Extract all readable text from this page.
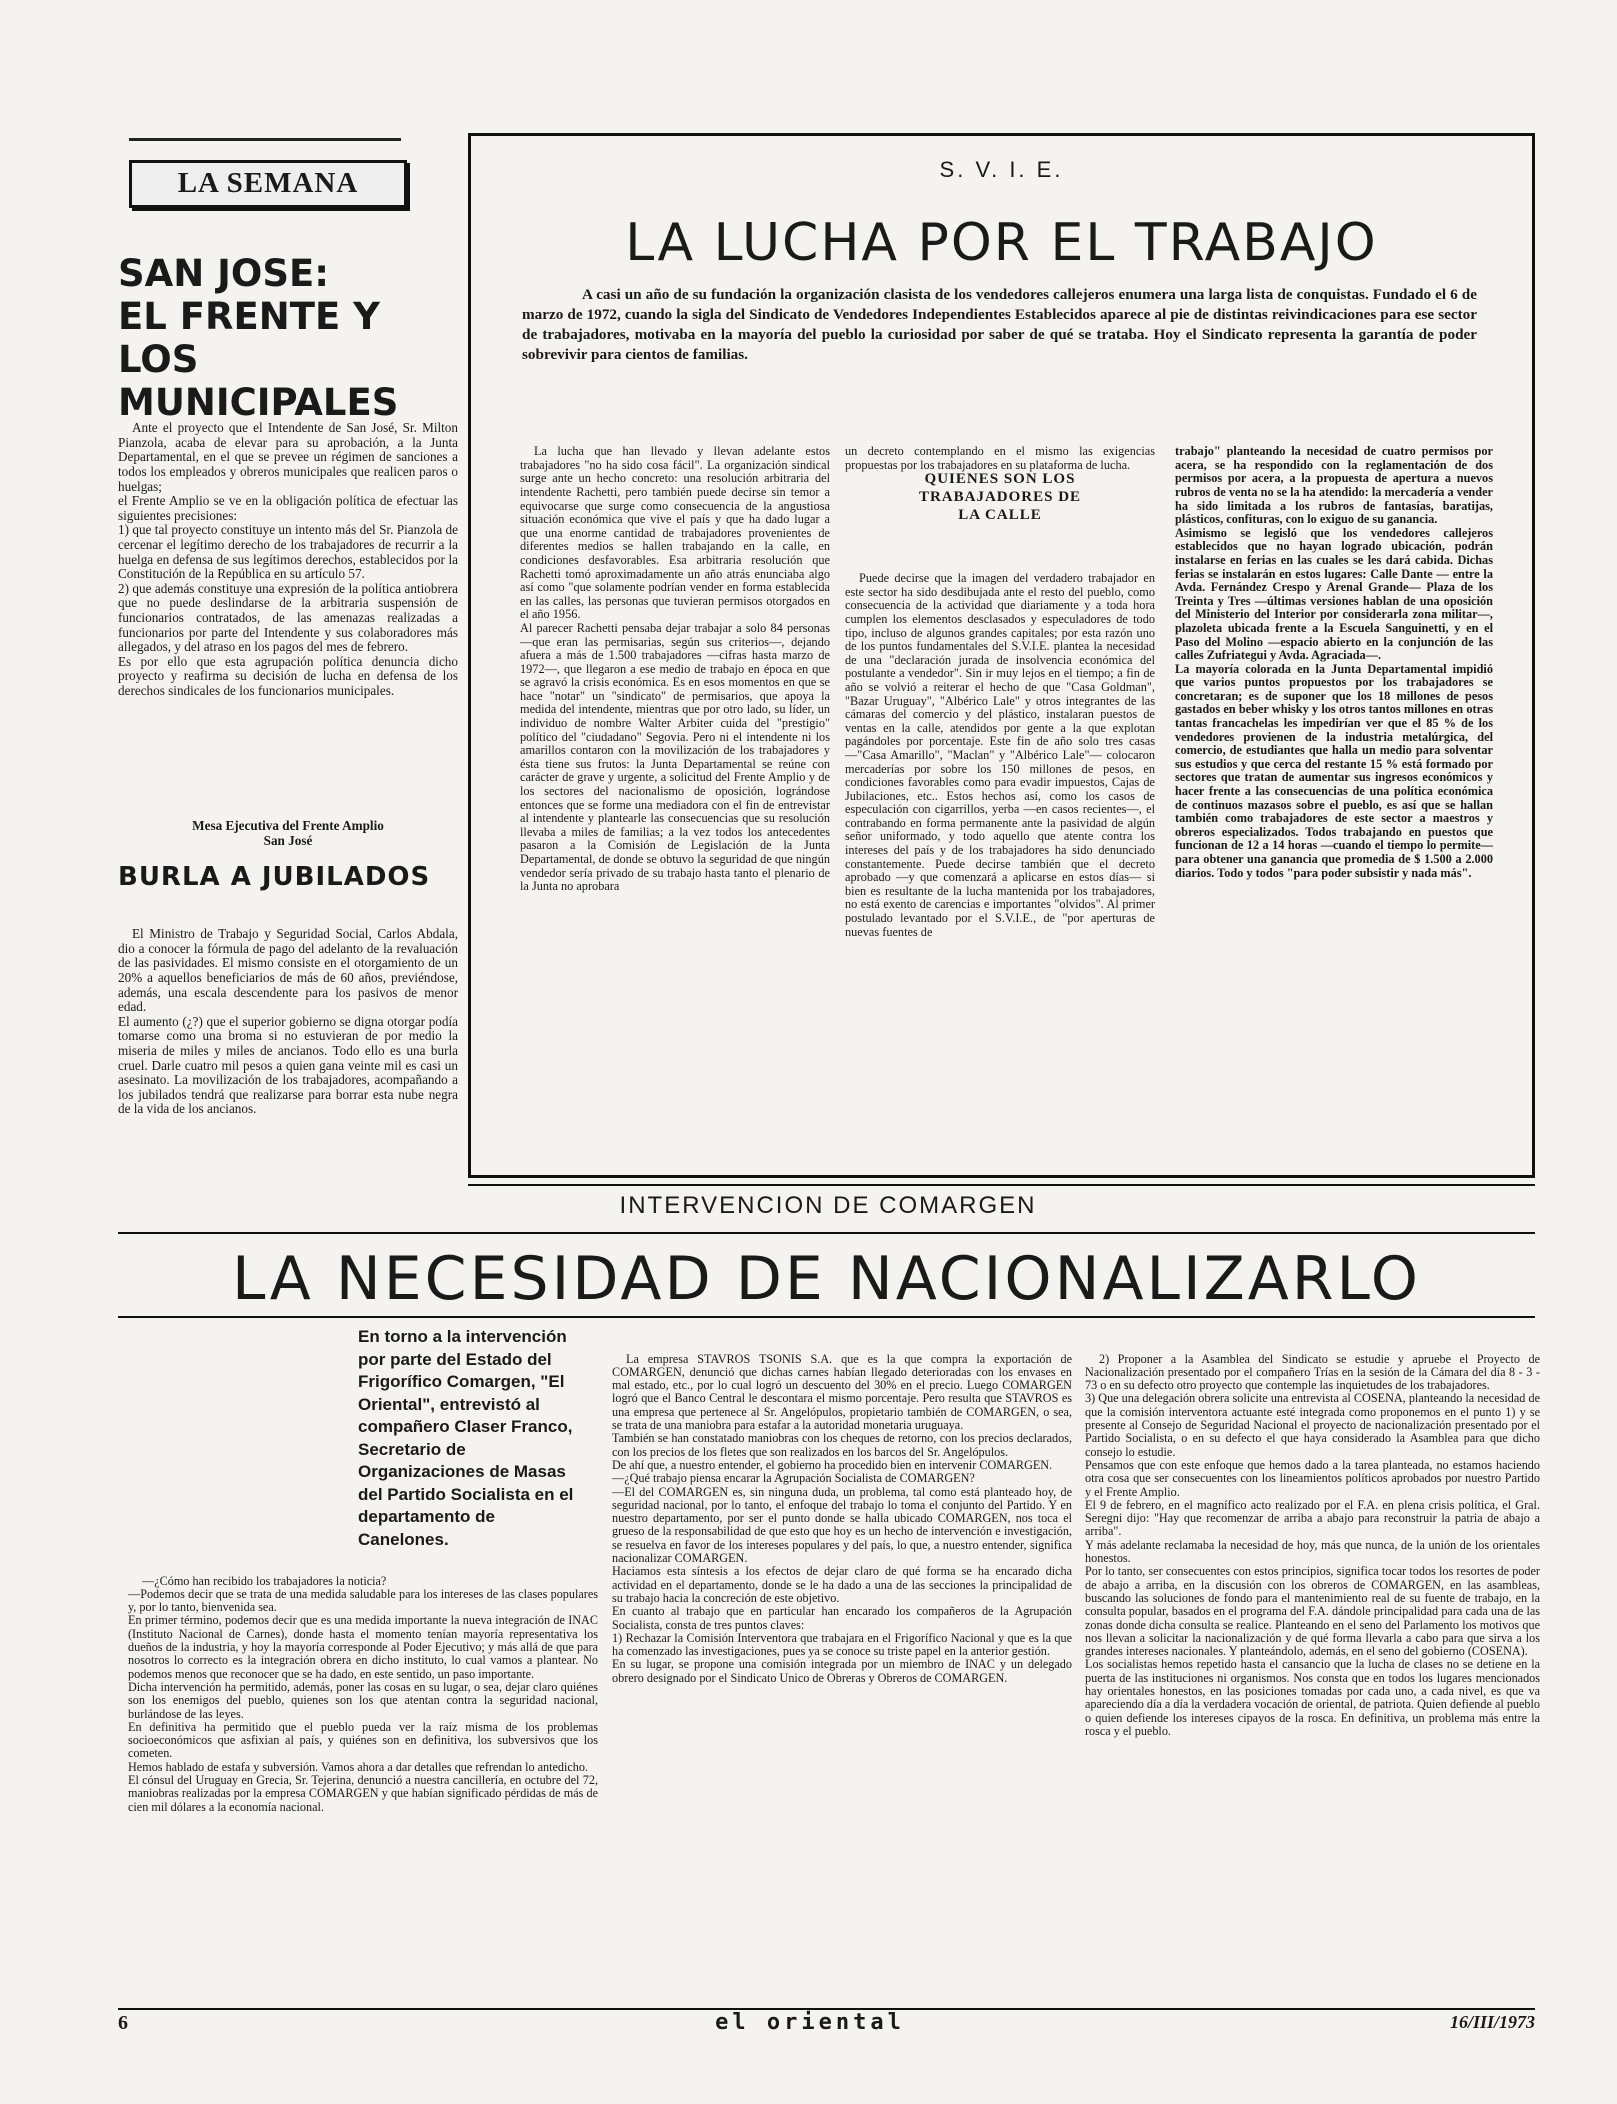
LA SEMANA
SAN JOSE:
EL FRENTE Y LOS
MUNICIPALES

Ante el proyecto que el Intendente de San José, Sr. Milton Pianzola, acaba de elevar para su aprobación, a la Junta Departamental, en el que se prevee un régimen de sanciones a todos los empleados y obreros municipales que realicen paros o huelgas;
el Frente Amplio se ve en la obligación política de efectuar las siguientes precisiones:
1) que tal proyecto constituye un intento más del Sr. Pianzola de cercenar el legítimo derecho de los trabajadores de recurrir a la huelga en defensa de sus legítimos derechos, establecidos por la Constitución de la República en su artículo 57.
2) que además constituye una expresión de la política antiobrera que no puede deslindarse de la arbitraria suspensión de funcionarios contratados, de las amenazas realizadas a funcionarios por parte del Intendente y sus colaboradores más allegados, y del atraso en los pagos del mes de febrero.
Es por ello que esta agrupación política denuncia dicho proyecto y reafirma su decisión de lucha en defensa de los derechos sindicales de los funcionarios municipales.

Mesa Ejecutiva del Frente Amplio
San José
BURLA A JUBILADOS

El Ministro de Trabajo y Seguridad Social, Carlos Abdala, dio a conocer la fórmula de pago del adelanto de la revaluación de las pasividades. El mismo consiste en el otorgamiento de un 20% a aquellos beneficiarios de más de 60 años, previéndose, además, una escala descendente para los pasivos de menor edad.
El aumento (¿?) que el superior gobierno se digna otorgar podía tomarse como una broma si no estuvieran de por medio la miseria de miles y miles de ancianos. Todo ello es una burla cruel. Darle cuatro mil pesos a quien gana veinte mil es casi un asesinato. La movilización de los trabajadores, acompañando a los jubilados tendrá que realizarse para borrar esta nube negra de la vida de los ancianos.

S. V. I. E.
LA LUCHA POR EL TRABAJO
A casi un año de su fundación la organización clasista de los vendedores callejeros enumera una larga lista de conquistas. Fundado el 6 de marzo de 1972, cuando la sigla del Sindicato de Vendedores Independientes Establecidos aparece al pie de distintas reivindicaciones para ese sector de trabajadores, motivaba en la mayoría del pueblo la curiosidad por saber de qué se trataba. Hoy el Sindicato representa la garantía de poder sobrevivir para cientos de familias.

La lucha que han llevado y llevan adelante estos trabajadores "no ha sido cosa fácil". La organización sindical surge ante un hecho concreto: una resolución arbitraria del intendente Rachetti, pero también puede decirse sin temor a equivocarse que surge como consecuencia de la angustiosa situación económica que vive el país y que ha dado lugar a que una enorme cantidad de trabajadores provenientes de diferentes medios se hallen trabajando en la calle, en condiciones desfavorables. Esa arbitraria resolución que Rachetti tomó aproximadamente un año atrás enunciaba algo así como "que solamente podrían vender en forma establecida en las calles, las personas que tuvieran permisos otorgados en el año 1956.
Al parecer Rachetti pensaba dejar trabajar a solo 84 personas —que eran las permisarias, según sus criterios—, dejando afuera a más de 1.500 trabajadores —cifras hasta marzo de 1972—, que llegaron a ese medio de trabajo en época en que se agravó la crisis económica. Es en esos momentos en que se hace "notar" un "sindicato" de permisarios, que apoya la medida del intendente, mientras que por otro lado, su líder, un individuo de nombre Walter Arbiter cuida del "prestigio" político del "ciudadano" Segovia. Pero ni el intendente ni los amarillos contaron con la movilización de los trabajadores y ésta tiene sus frutos: la Junta Departamental se reúne con carácter de grave y urgente, a solicitud del Frente Amplio y de los sectores del nacionalismo de oposición, lográndose entonces que se forme una mediadora con el fin de entrevistar al intendente y plantearle las consecuencias que su resolución llevaba a miles de familias; a la vez todos los antecedentes pasaron a la Comisión de Legislación de la Junta Departamental, de donde se obtuvo la seguridad de que ningún vendedor sería privado de su trabajo hasta tanto el plenario de la Junta no aprobara

un decreto contemplando en el mismo las exigencias propuestas por los trabajadores en su plataforma de lucha.

QUIENES SON LOS
TRABAJADORES DE
LA CALLE

Puede decirse que la imagen del verdadero trabajador en este sector ha sido desdibujada ante el resto del pueblo, como consecuencia de la actividad que diariamente y a toda hora cumplen los elementos desclasados y especuladores de todo tipo, incluso de algunos grandes capitales; por esta razón uno de los puntos fundamentales del S.V.I.E. plantea la necesidad de una "declaración jurada de insolvencia económica del postulante a vendedor". Sin ir muy lejos en el tiempo; a fin de año se volvió a reiterar el hecho de que "Casa Goldman", "Bazar Uruguay", "Albérico Lale" y otros integrantes de las cámaras del comercio y del plástico, instalaran puestos de ventas en la calle, atendidos por gente a la que explotan pagándoles por porcentaje. Este fin de año solo tres casas —"Casa Amarillo", "Maclan" y "Albérico Lale"— colocaron mercaderías por sobre los 150 millones de pesos, en condiciones favorables como para evadir impuestos, Cajas de Jubilaciones, etc.. Estos hechos así, como los casos de especulación con cigarrillos, yerba —en casos recientes—, el contrabando en forma permanente ante la pasividad de algún señor uniformado, y todo aquello que atente contra los intereses del país y de los trabajadores ha sido denunciado constantemente. Puede decirse también que el decreto aprobado —y que comenzará a aplicarse en estos días— si bien es resultante de la lucha mantenida por los trabajadores, no está exento de carencias e importantes "olvidos". Al primer postulado levantado por el S.V.I.E., de "por aperturas de nuevas fuentes de

trabajo" planteando la necesidad de cuatro permisos por acera, se ha respondido con la reglamentación de dos permisos por acera, a la propuesta de apertura a nuevos rubros de venta no se la ha atendido: la mercadería a vender ha sido limitada a los rubros de fantasías, baratijas, plásticos, confituras, con lo exiguo de su ganancia.
Asimismo se legisló que los vendedores callejeros establecidos que no hayan logrado ubicación, podrán instalarse en ferias en las cuales se les dará cabida. Dichas ferias se instalarán en estos lugares: Calle Dante — entre la Avda. Fernández Crespo y Arenal Grande— Plaza de los Treinta y Tres —últimas versiones hablan de una oposición del Ministerio del Interior por considerarla zona militar—, plazoleta ubicada frente a la Escuela Sanguinetti, y en el Paso del Molino —espacio abierto en la conjunción de las calles Zufriategui y Avda. Agraciada—.
La mayoría colorada en la Junta Departamental impidió que varios puntos propuestos por los trabajadores se concretaran; es de suponer que los 18 millones de pesos gastados en beber whisky y los otros tantos millones en otras tantas francachelas les impedirían ver que el 85 % de los vendedores provienen de la industria metalúrgica, del comercio, de estudiantes que halla un medio para solventar sus estudios y que cerca del restante 15 % está formado por sectores que tratan de aumentar sus ingresos económicos y hacer frente a las consecuencias de una política económica de continuos mazasos sobre el pueblo, es así que se hallan también como trabajadores de este sector a maestros y obreros especializados. Todos trabajando en puestos que funcionan de 12 a 14 horas —cuando el tiempo lo permite— para obtener una ganancia que promedia de $ 1.500 a 2.000 diarios. Todo y todos "para poder subsistir y nada más".

INTERVENCION DE COMARGEN
LA NECESIDAD DE NACIONALIZARLO
En torno a la intervención por parte del Estado del Frigorífico Comargen, "El Oriental", entrevistó al compañero Claser Franco, Secretario de Organizaciones de Masas del Partido Socialista en el departamento de Canelones.

—¿Cómo han recibido los trabajadores la noticia?
—Podemos decir que se trata de una medida saludable para los intereses de las clases populares y, por lo tanto, bienvenida sea.
En primer término, podemos decir que es una medida importante la nueva integración de INAC (Instituto Nacional de Carnes), donde hasta el momento tenían mayoría representativa los dueños de la industria, y hoy la mayoría corresponde al Poder Ejecutivo; y más allá de que para nosotros lo correcto es la integración obrera en dicho instituto, lo cual vamos a plantear. No podemos menos que reconocer que se ha dado, en este sentido, un paso importante.
Dicha intervención ha permitido, además, poner las cosas en su lugar, o sea, dejar claro quiénes son los enemigos del pueblo, quienes son los que atentan contra la seguridad nacional, burlándose de las leyes.
En definitiva ha permitido que el pueblo pueda ver la raíz misma de los problemas socioeconómicos que asfixian al país, y quiénes son en definitiva, los subversivos que los cometen.
Hemos hablado de estafa y subversión. Vamos ahora a dar detalles que refrendan lo antedicho.
El cónsul del Uruguay en Grecia, Sr. Tejerina, denunció a nuestra cancillería, en octubre del 72, maniobras realizadas por la empresa COMARGEN y que habían significado pérdidas de más de cien mil dólares a la economía nacional.

La empresa STAVROS TSONIS S.A. que es la que compra la exportación de COMARGEN, denunció que dichas carnes habían llegado deterioradas con los envases en mal estado, etc., por lo cual logró un descuento del 30% en el precio. Luego COMARGEN logró que el Banco Central le descontara el mismo porcentaje. Pero resulta que STAVROS es una empresa que pertenece al Sr. Angelópulos, propietario también de COMARGEN, o sea, se trata de una maniobra para estafar a la autoridad monetaria uruguaya.
También se han constatado maniobras con los cheques de retorno, con los precios declarados, con los precios de los fletes que son realizados en los barcos del Sr. Angelópulos.
De ahí que, a nuestro entender, el gobierno ha procedido bien en intervenir COMARGEN.
—¿Qué trabajo piensa encarar la Agrupación Socialista de COMARGEN?
—El del COMARGEN es, sin ninguna duda, un problema, tal como está planteado hoy, de seguridad nacional, por lo tanto, el enfoque del trabajo lo toma el conjunto del Partido. Y en nuestro departamento, por ser el punto donde se halla ubicado COMARGEN, nos toca el grueso de la responsabilidad de que esto que hoy es un hecho de intervención e investigación, se resuelva en favor de los intereses populares y del país, lo que, a nuestro entender, significa nacionalizar COMARGEN.
Haciamos esta síntesis a los efectos de dejar claro de qué forma se ha encarado dicha actividad en el departamento, donde se le ha dado a una de las secciones la principalidad de su trabajo hacia la concreción de este objetivo.
En cuanto al trabajo que en particular han encarado los compañeros de la Agrupación Socialista, consta de tres puntos claves:
1) Rechazar la Comisión Interventora que trabajara en el Frigorífico Nacional y que es la que ha comenzado las investigaciones, pues ya se conoce su triste papel en la anterior gestión.
En su lugar, se propone una comisión integrada por un miembro de INAC y un delegado obrero designado por el Sindicato Unico de Obreras y Obreros de COMARGEN.

2) Proponer a la Asamblea del Sindicato se estudie y apruebe el Proyecto de Nacionalización presentado por el compañero Trías en la sesión de la Cámara del día 8 - 3 - 73 o en su defecto otro proyecto que contemple las inquietudes de los trabajadores.
3) Que una delegación obrera solicite una entrevista al COSENA, planteando la necesidad de que la comisión interventora actuante esté integrada como proponemos en el punto 1) y se presente al Consejo de Seguridad Nacional el proyecto de nacionalización presentado por el Partido Socialista, o en su defecto el que haya considerado la Asamblea para que dicho consejo lo estudie.
Pensamos que con este enfoque que hemos dado a la tarea planteada, no estamos haciendo otra cosa que ser consecuentes con los lineamientos políticos aprobados por nuestro Partido y el Frente Amplio.
El 9 de febrero, en el magnífico acto realizado por el F.A. en plena crisis política, el Gral. Seregni dijo: "Hay que recomenzar de arriba a abajo para reconstruir la patria de abajo a arriba".
Y más adelante reclamaba la necesidad de hoy, más que nunca, de la unión de los orientales honestos.
Por lo tanto, ser consecuentes con estos principios, significa tocar todos los resortes de poder de abajo a arriba, en la discusión con los obreros de COMARGEN, en las asambleas, buscando las soluciones de fondo para el mantenimiento real de su fuente de trabajo, en la consulta popular, basados en el programa del F.A. dándole principalidad para cada una de las zonas donde dicha consulta se realice. Planteando en el seno del Parlamento los motivos que nos llevan a solicitar la nacionalización y de qué forma llevarla a cabo para que sirva a los grandes intereses nacionales. Y planteándolo, además, en el seno del gobierno (COSENA).
Los socialistas hemos repetido hasta el cansancio que la lucha de clases no se detiene en la puerta de las instituciones ni organismos. Nos consta que en todos los lugares mencionados hay orientales honestos, en las posiciones tomadas por cada uno, a cada nivel, es que va apareciendo día a día la verdadera vocación de oriental, de patriota. Quien defiende al pueblo o quien defiende los intereses cipayos de la rosca. En definitiva, un problema más entre la rosca y el pueblo.

6	el oriental	16/III/1973
